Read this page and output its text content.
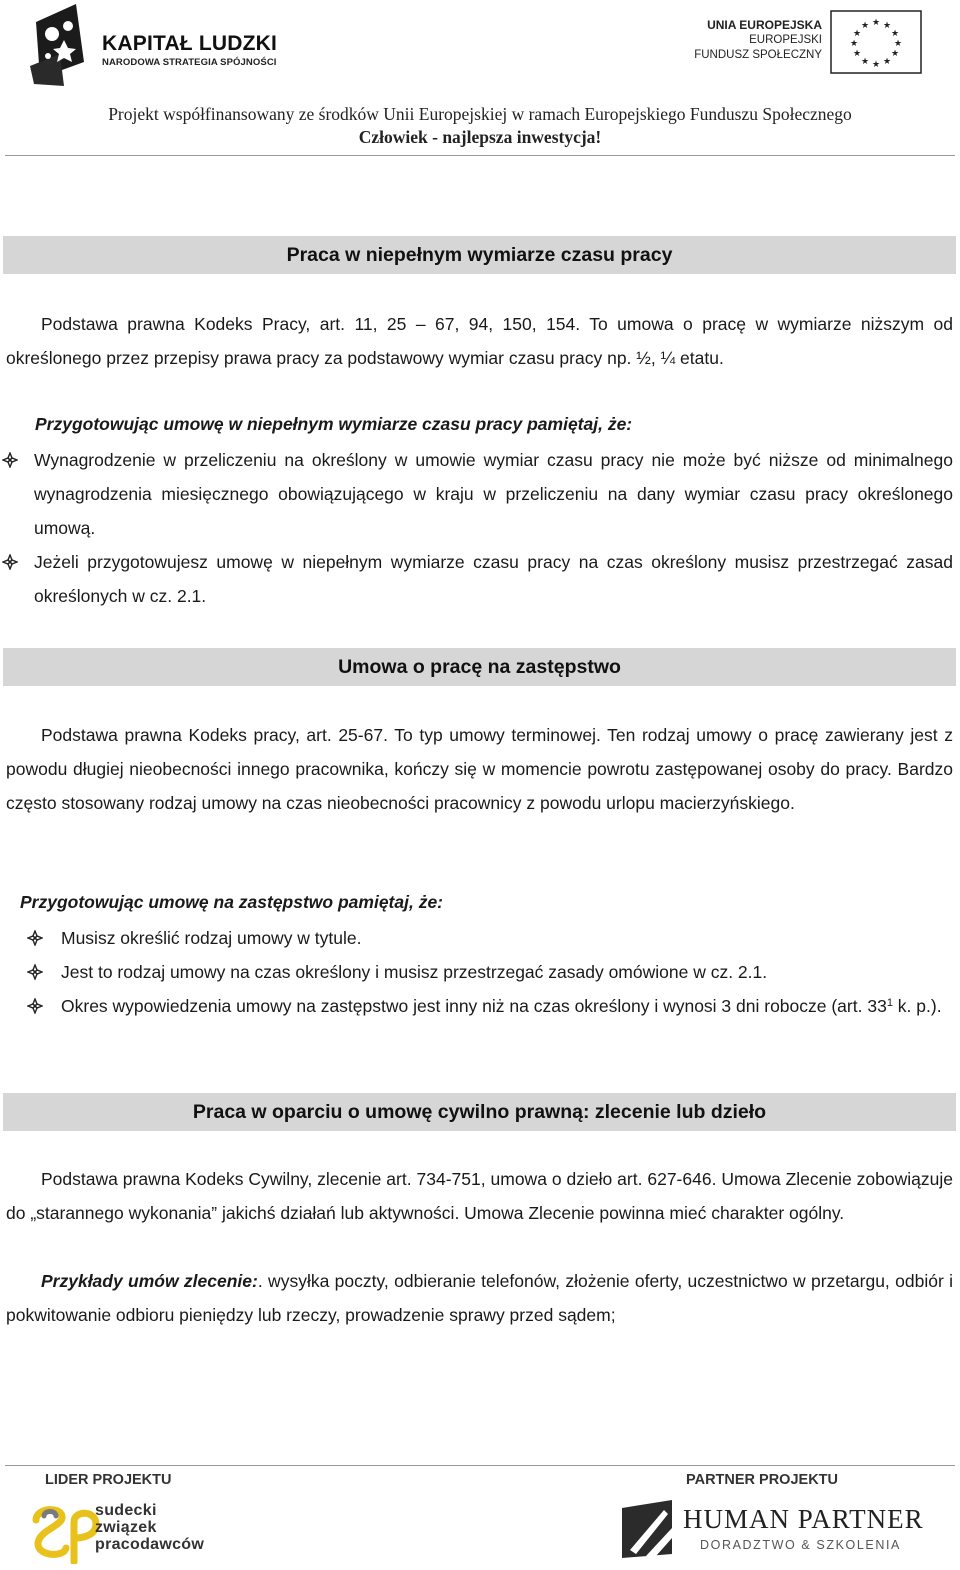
KAPITAŁ LUDZKI
NARODOWA STRATEGIA SPÓJNOŚCI
UNIA EUROPEJSKA
EUROPEJSKI
FUNDUSZ SPOŁECZNY
★ ★
★
★
★
★
★
★
★
★
★
★
Projekt współfinansowany ze środków Unii Europejskiej w ramach Europejskiego Funduszu Społecznego
Człowiek - najlepsza inwestycja!
Praca w niepełnym wymiarze czasu pracy
Podstawa prawna Kodeks Pracy, art. 11, 25 – 67, 94, 150, 154. To umowa o pracę w wymiarze niższym od określonego przez przepisy prawa pracy za podstawowy wymiar czasu pracy np. ½, ¼ etatu.
Przygotowując umowę w niepełnym wymiarze czasu pracy pamiętaj, że:
Wynagrodzenie w przeliczeniu na określony w umowie wymiar czasu pracy nie może być niższe od minimalnego wynagrodzenia miesięcznego obowiązującego w kraju w przeliczeniu na dany wymiar czasu pracy określonego umową.
Jeżeli przygotowujesz umowę w niepełnym wymiarze czasu pracy na czas określony musisz przestrzegać zasad określonych w cz. 2.1.
Umowa o pracę na zastępstwo
Podstawa prawna Kodeks pracy, art. 25-67. To typ umowy terminowej. Ten rodzaj umowy o pracę zawierany jest z powodu długiej nieobecności innego pracownika, kończy się w momencie powrotu zastępowanej osoby do pracy. Bardzo często stosowany rodzaj umowy na czas nieobecności pracownicy z powodu urlopu macierzyńskiego.
Przygotowując umowę na zastępstwo pamiętaj, że:
Musisz określić rodzaj umowy w tytule.
Jest to rodzaj umowy na czas określony i musisz przestrzegać zasady omówione w cz. 2.1.
Okres wypowiedzenia umowy na zastępstwo jest inny niż na czas określony i wynosi 3 dni robocze (art. $33^1$ k. p.).
Praca w oparciu o umowę cywilno prawną: zlecenie lub dzieło
Podstawa prawna Kodeks Cywilny, zlecenie art. 734-751, umowa o dzieło art. 627-646. Umowa Zlecenie zobowiązuje do „starannego wykonania” jakichś działań lub aktywności. Umowa Zlecenie powinna mieć charakter ogólny.
Przykłady umów zlecenie:. wysyłka poczty, odbieranie telefonów, złożenie oferty, uczestnictwo w przetargu, odbiór i pokwitowanie odbioru pieniędzy lub rzeczy, prowadzenie sprawy przed sądem;
LIDER PROJEKTU	PARTNER PROJEKTU
sudecki
związek
pracodawców
HUMAN PARTNER
DORADZTWO & SZKOLENIA
